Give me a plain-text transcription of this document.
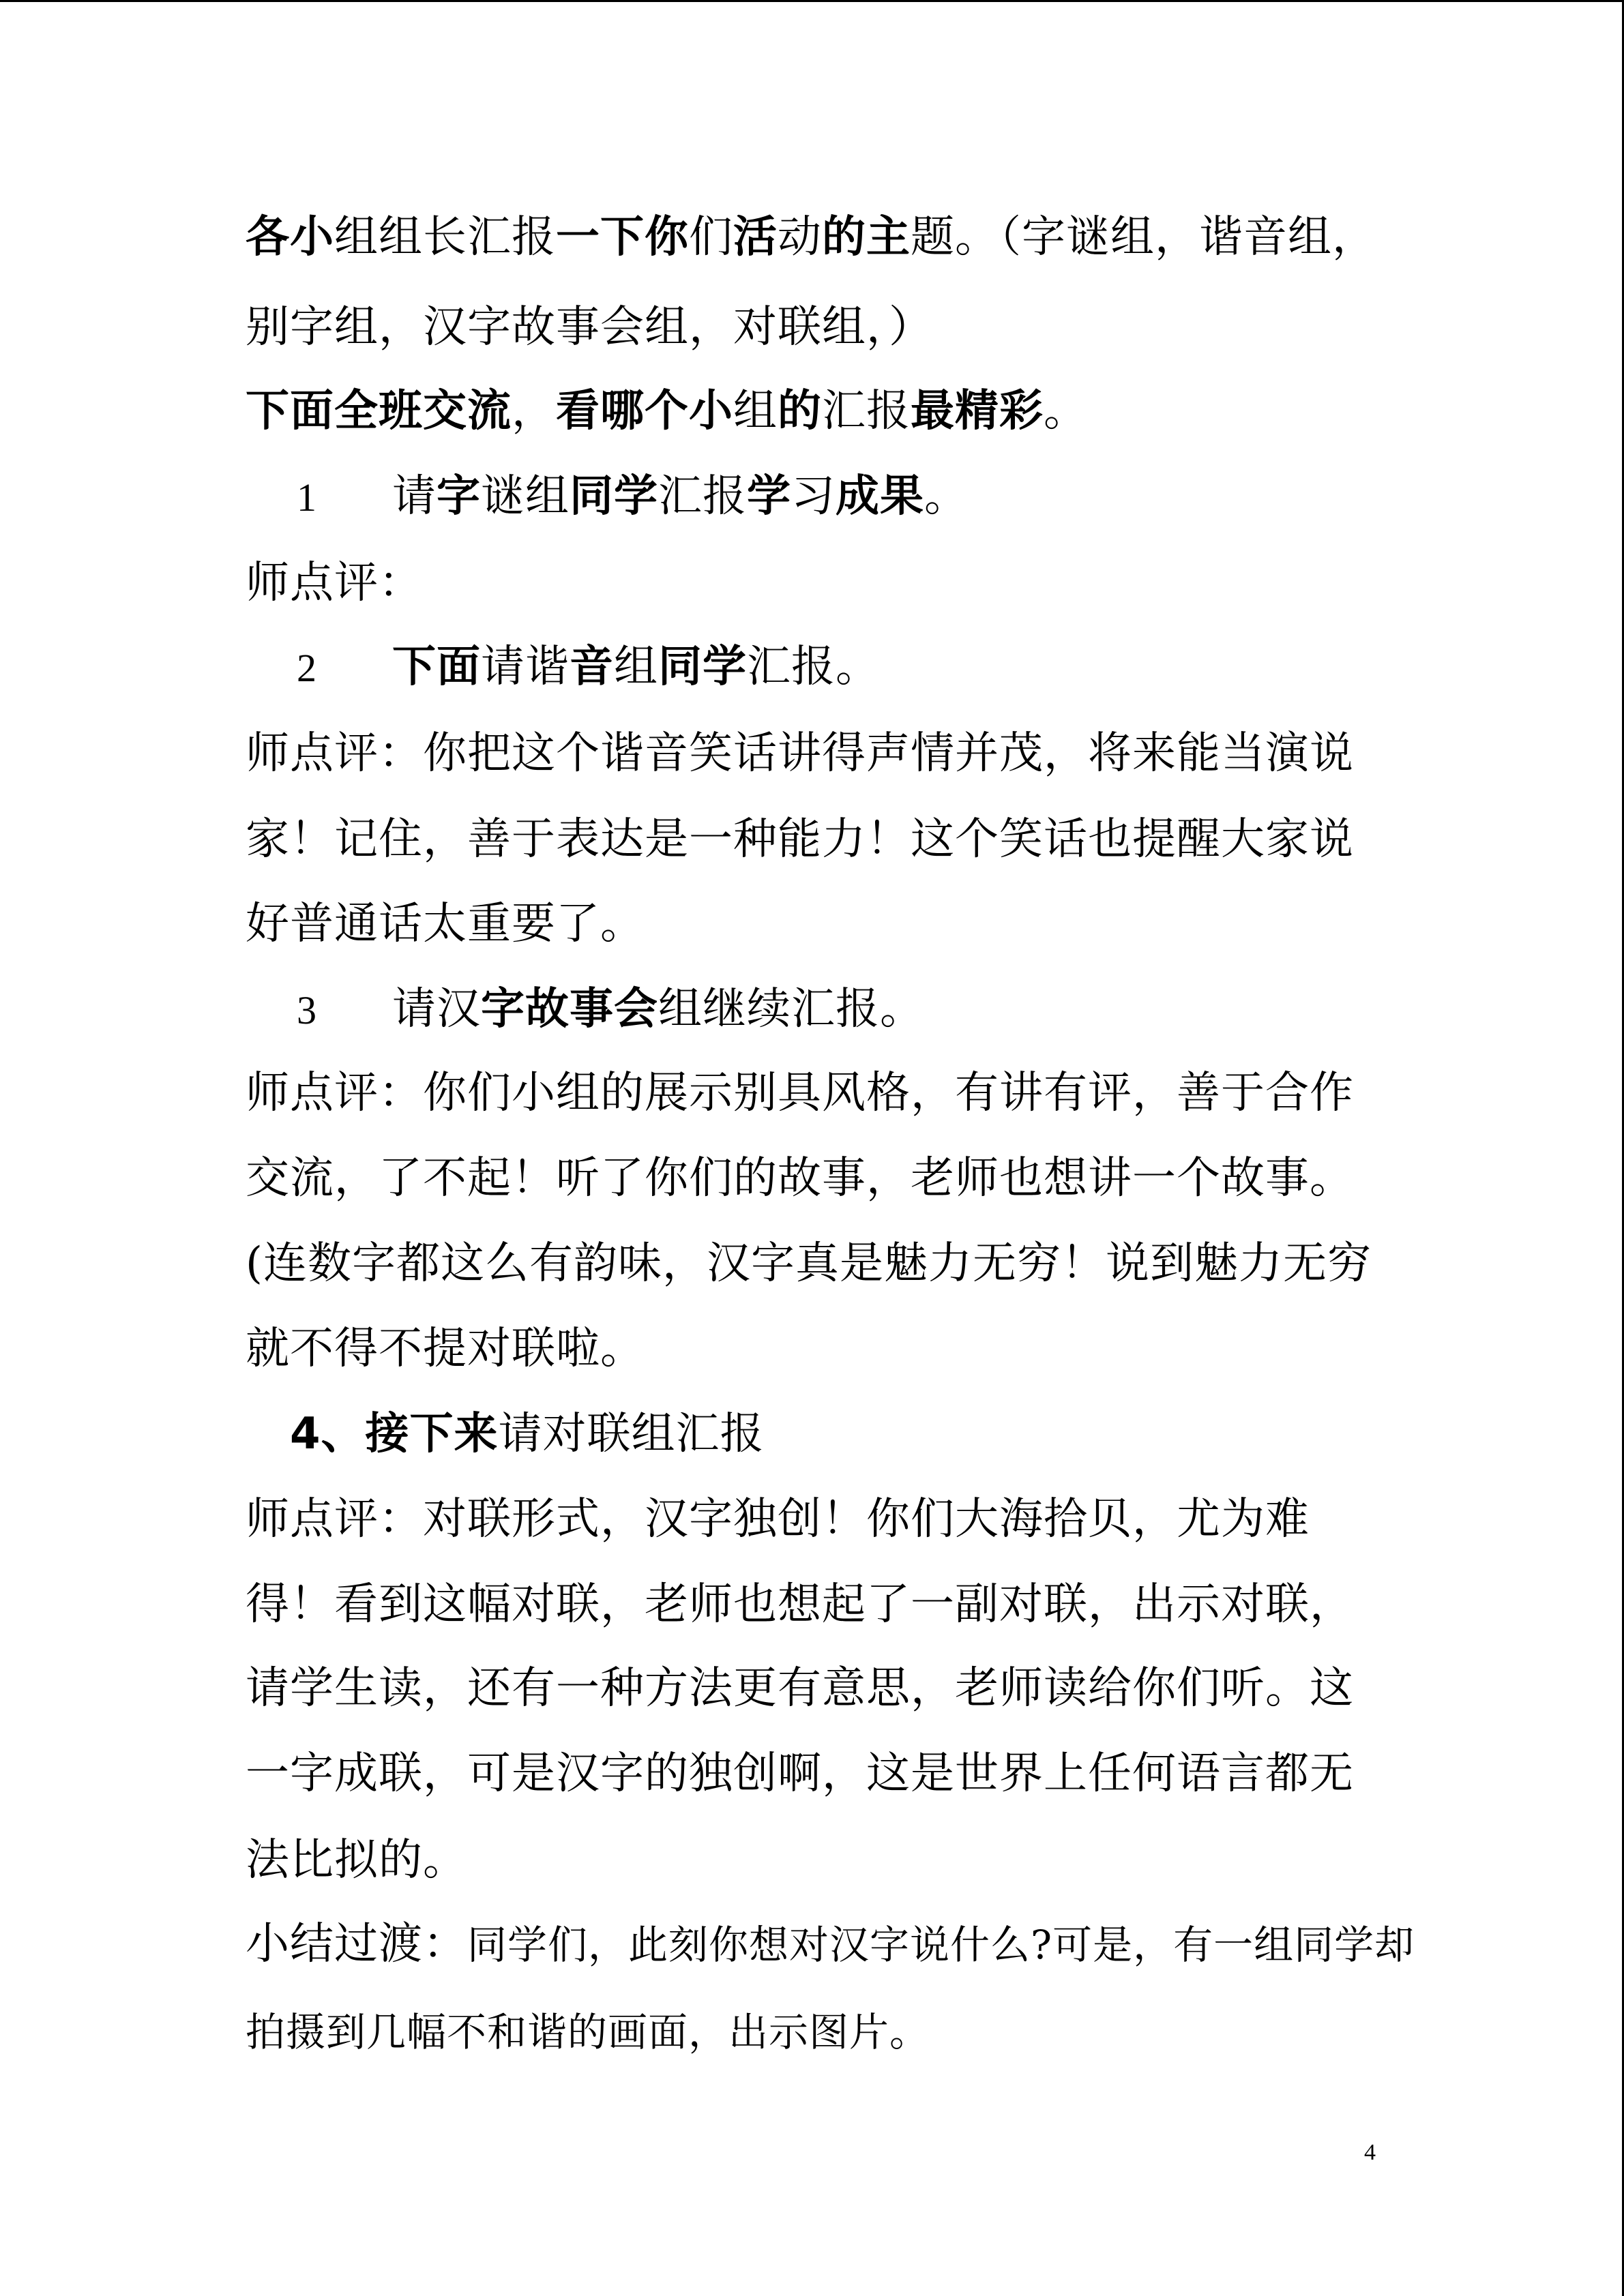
各小组组长汇报一下你们活动的主题。（字谜组，谐音组，
别字组，汉字故事会组，对联组，）
下面全班交流，看哪个小组的汇报最精彩。
1 请字谜组同学汇报学习成果。
师点评：
2 下面请谐音组同学汇报。
师点评：你把这个谐音笑话讲得声情并茂，将来能当演说
家！记住，善于表达是一种能力！这个笑话也提醒大家说
好普通话太重要了。
3 请汉字故事会组继续汇报。
师点评：你们小组的展示别具风格，有讲有评，善于合作
交流，了不起！听了你们的故事，老师也想讲一个故事。
(连数字都这么有韵味，汉字真是魅力无穷！说到魅力无穷
就不得不提对联啦。
4、接下来请对联组汇报
师点评：对联形式，汉字独创！你们大海拾贝，尤为难
得！看到这幅对联，老师也想起了一副对联，出示对联，
请学生读，还有一种方法更有意思，老师读给你们听。这
一字成联，可是汉字的独创啊，这是世界上任何语言都无
法比拟的。
小结过渡：同学们，此刻你想对汉字说什么?可是，有一组同学却
拍摄到几幅不和谐的画面，出示图片。
4
